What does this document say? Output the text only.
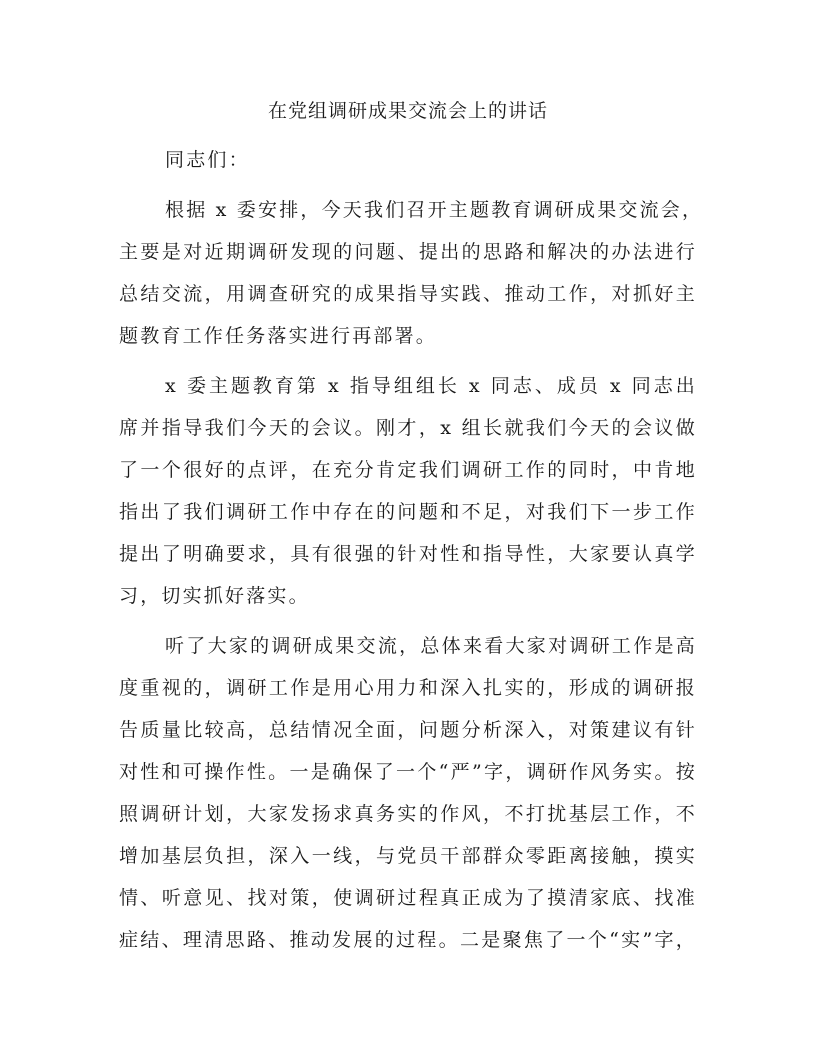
在党组调研成果交流会上的讲话
同志们：
根据 x 委安排，今天我们召开主题教育调研成果交流会，
主要是对近期调研发现的问题、提出的思路和解决的办法进行
总结交流，用调查研究的成果指导实践、推动工作，对抓好主
题教育工作任务落实进行再部署。
x 委主题教育第 x 指导组组长 x 同志、成员 x 同志出
席并指导我们今天的会议。刚才，x 组长就我们今天的会议做
了一个很好的点评，在充分肯定我们调研工作的同时，中肯地
指出了我们调研工作中存在的问题和不足，对我们下一步工作
提出了明确要求，具有很强的针对性和指导性，大家要认真学
习，切实抓好落实。
听了大家的调研成果交流，总体来看大家对调研工作是高
度重视的，调研工作是用心用力和深入扎实的，形成的调研报
告质量比较高，总结情况全面，问题分析深入，对策建议有针
对性和可操作性。一是确保了一个“严”字，调研作风务实。按
照调研计划，大家发扬求真务实的作风，不打扰基层工作，不
增加基层负担，深入一线，与党员干部群众零距离接触，摸实
情、听意见、找对策，使调研过程真正成为了摸清家底、找准
症结、理清思路、推动发展的过程。二是聚焦了一个“实”字，
